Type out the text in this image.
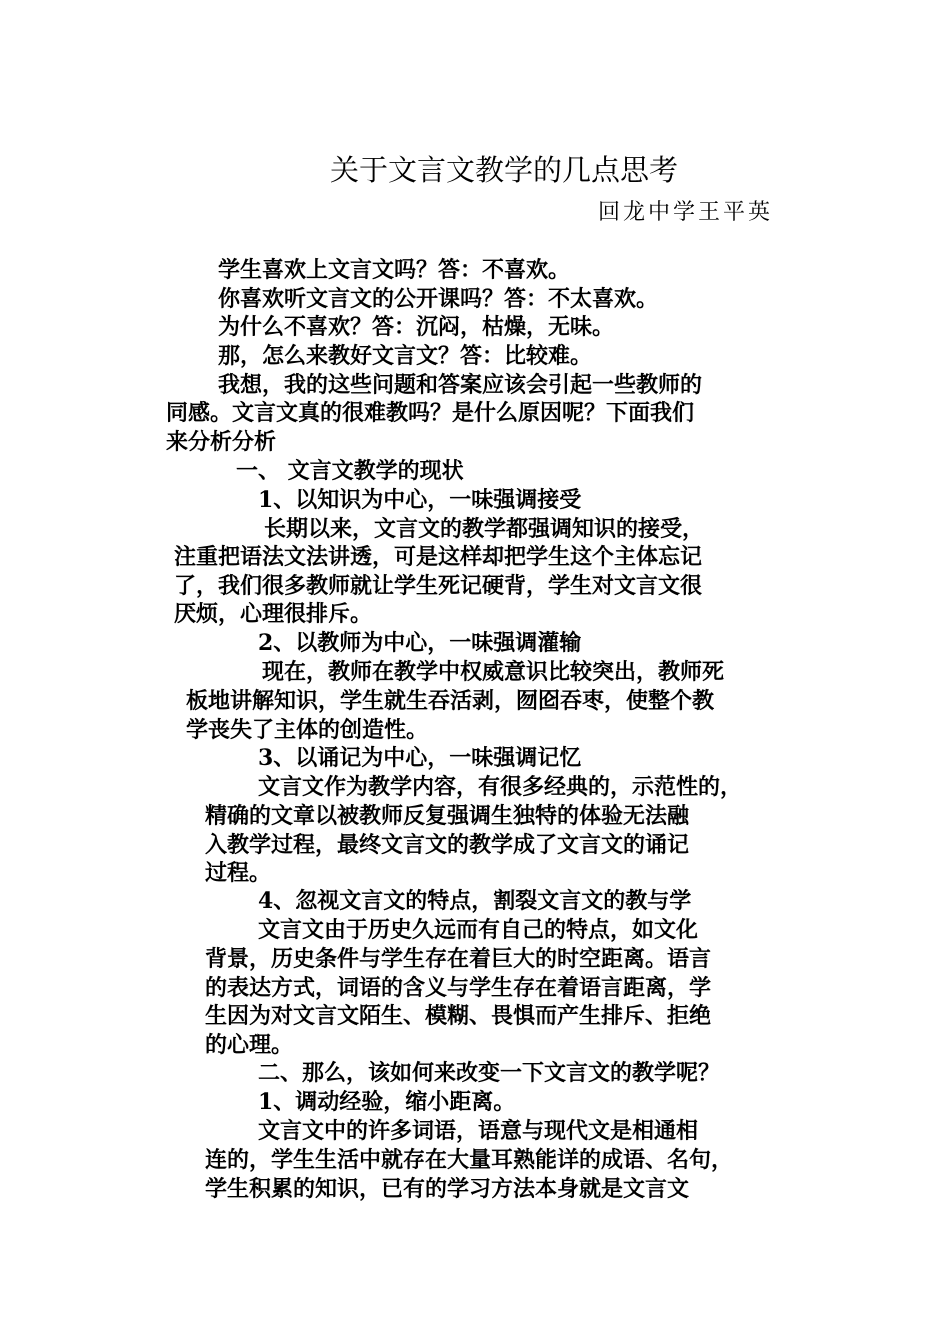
关于文言文教学的几点思考
回龙中学王平英
学生喜欢上文言文吗？答：不喜欢。
你喜欢听文言文的公开课吗？答：不太喜欢。
为什么不喜欢？答：沉闷，枯燥，无味。
那，怎么来教好文言文？答：比较难。
我想，我的这些问题和答案应该会引起一些教师的
同感。文言文真的很难教吗？是什么原因呢？下面我们
来分析分析
一、 文言文教学的现状
1、以知识为中心，一味强调接受
长期以来，文言文的教学都强调知识的接受，
注重把语法文法讲透，可是这样却把学生这个主体忘记
了，我们很多教师就让学生死记硬背，学生对文言文很
厌烦，心理很排斥。
2、以教师为中心，一味强调灌输
现在，教师在教学中权威意识比较突出，教师死
板地讲解知识，学生就生吞活剥，囫囵吞枣，使整个教
学丧失了主体的创造性。
3、以诵记为中心，一味强调记忆
文言文作为教学内容，有很多经典的，示范性的，
精确的文章以被教师反复强调生独特的体验无法融
入教学过程，最终文言文的教学成了文言文的诵记
过程。
4、忽视文言文的特点，割裂文言文的教与学
文言文由于历史久远而有自己的特点，如文化
背景，历史条件与学生存在着巨大的时空距离。语言
的表达方式，词语的含义与学生存在着语言距离，学
生因为对文言文陌生、模糊、畏惧而产生排斥、拒绝
的心理。
二、那么，该如何来改变一下文言文的教学呢？
1、调动经验，缩小距离。
文言文中的许多词语，语意与现代文是相通相
连的，学生生活中就存在大量耳熟能详的成语、名句，
学生积累的知识，已有的学习方法本身就是文言文
